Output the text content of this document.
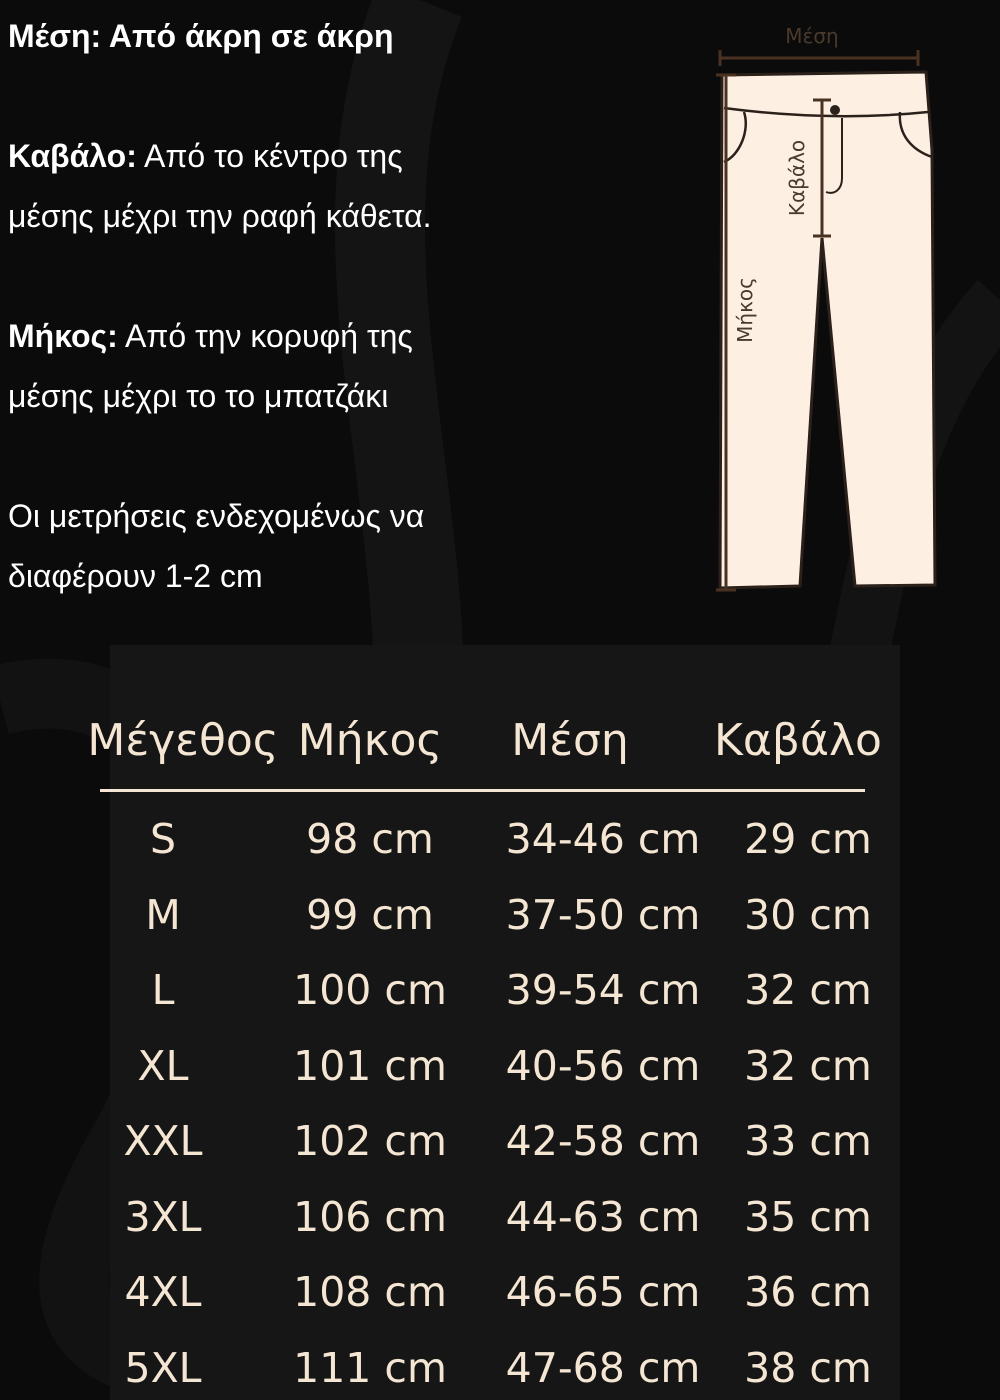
Μέση: Από άκρη σε άκρη

Καβάλο: Από το κέντρο της

μέσης μέχρι την ραφή κάθετα.

Μήκος: Από την κορυφή της

μέσης μέχρι το το μπατζάκι

Οι μετρήσεις ενδεχομένως να

διαφέρουν 1-2 cm

Μέση
Καβάλο
Μήκος
Μέγεθος Μήκος Μέση Καβάλο
S	98 cm 34-46 cm 29 cm
M	99 cm 37-50 cm 30 cm
L	100 cm 39-54 cm 32 cm
XL	101 cm 40-56 cm 32 cm
XXL 102 cm 42-58 cm 33 cm
3XL 106 cm 44-63 cm 35 cm
4XL 108 cm 46-65 cm 36 cm
5XL 111 cm 47-68 cm 38 cm
